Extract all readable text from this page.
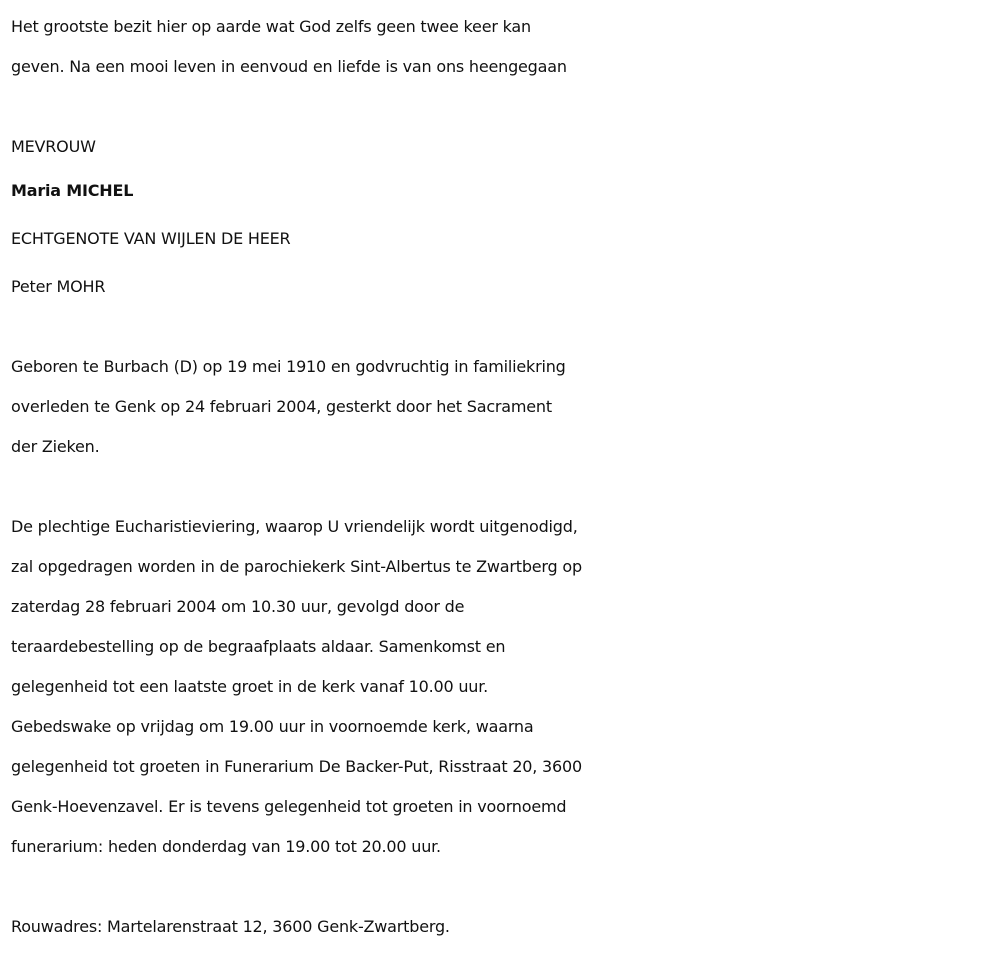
Het grootste bezit hier op aarde wat God zelfs geen twee keer kan
geven. Na een mooi leven in eenvoud en liefde is van ons heengegaan
MEVROUW
Maria MICHEL
ECHTGENOTE VAN WIJLEN DE HEER
Peter MOHR
Geboren te Burbach (D) op 19 mei 1910 en godvruchtig in familiekring
overleden te Genk op 24 februari 2004, gesterkt door het Sacrament
der Zieken.
De plechtige Eucharistieviering, waarop U vriendelijk wordt uitgenodigd,
zal opgedragen worden in de parochiekerk Sint-Albertus te Zwartberg op
zaterdag 28 februari 2004 om 10.30 uur, gevolgd door de
teraardebestelling op de begraafplaats aldaar. Samenkomst en
gelegenheid tot een laatste groet in de kerk vanaf 10.00 uur.
Gebedswake op vrijdag om 19.00 uur in voornoemde kerk, waarna
gelegenheid tot groeten in Funerarium De Backer-Put, Risstraat 20, 3600
Genk-Hoevenzavel. Er is tevens gelegenheid tot groeten in voornoemd
funerarium: heden donderdag van 19.00 tot 20.00 uur.
Rouwadres: Martelarenstraat 12, 3600 Genk-Zwartberg.
